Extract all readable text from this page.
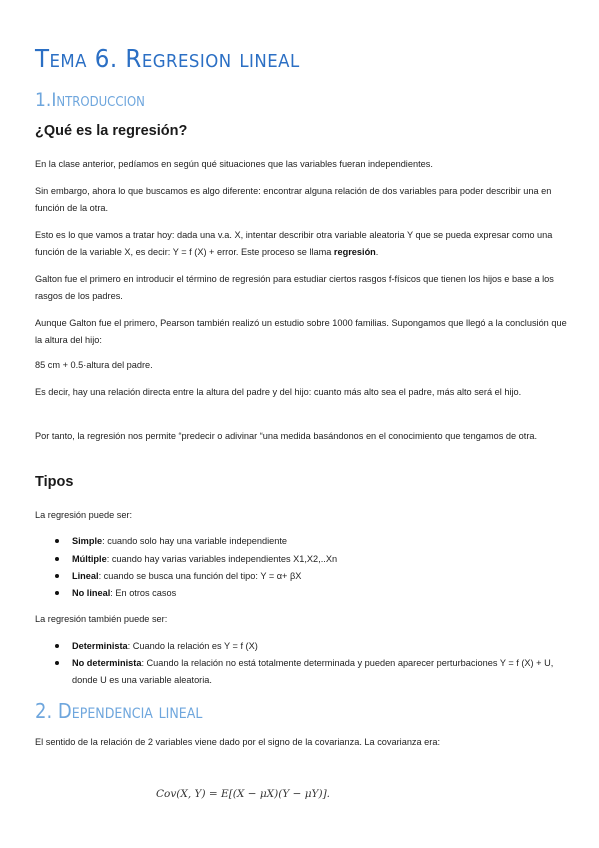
Tema 6. Regresion lineal
1.Introduccion
¿Qué es la regresión?

En la clase anterior, pedíamos en según qué situaciones que las variables fueran independientes.

Sin embargo, ahora lo que buscamos es algo diferente: encontrar alguna relación de dos variables para poder describir una en función de la otra.

Esto es lo que vamos a tratar hoy: dada una v.a. X, intentar describir otra variable aleatoria Y que se pueda expresar como una función de la variable X, es decir: Y = f (X) + error. Este proceso se llama regresión.

Galton fue el primero en introducir el término de regresión para estudiar ciertos rasgos f-físicos que tienen los hijos e base a los rasgos de los padres.

Aunque Galton fue el primero, Pearson también realizó un estudio sobre 1000 familias. Supongamos que llegó a la conclusión que la altura del hijo:

85 cm + 0.5·altura del padre.

Es decir, hay una relación directa entre la altura del padre y del hijo: cuanto más alto sea el padre, más alto será el hijo.

Por tanto, la regresión nos permite “predecir o adivinar “una medida basándonos en el conocimiento que tengamos de otra.

Tipos

La regresión puede ser:

Simple: cuando solo hay una variable independiente
Múltiple: cuando hay varias variables independientes X1,X2,..Xn
Lineal: cuando se busca una función del tipo: Y = α+ βX
No lineal: En otros casos

La regresión también puede ser:

Determinista: Cuando la relación es Y = f (X)
No determinista: Cuando la relación no está totalmente determinada y pueden aparecer perturbaciones Y = f (X) + U, donde U es una variable aleatoria.
2. Dependencia lineal

El sentido de la relación de 2 variables viene dado por el signo de la covarianza. La covarianza era:

Cov(X, Y) = E[(X − μX)(Y − μY)].
